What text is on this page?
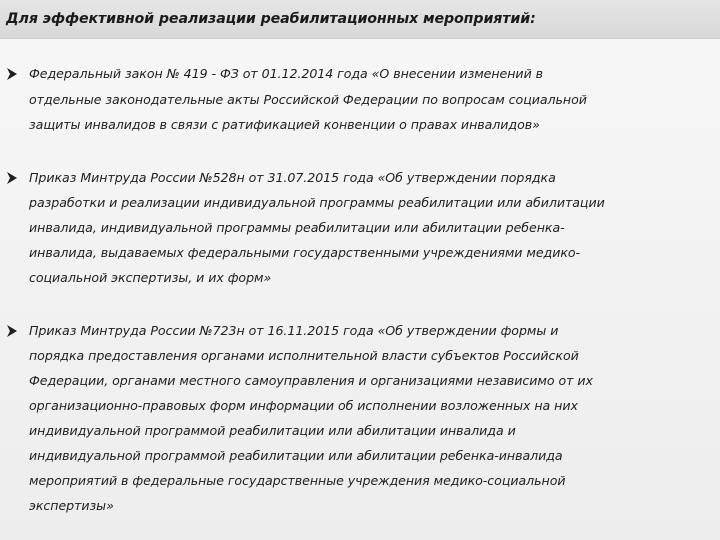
Для эффективной реализации реабилитационных мероприятий:
Федеральный закон № 419 - ФЗ от 01.12.2014 года «О внесении изменений в
отдельные законодательные акты Российской Федерации по вопросам социальной
защиты инвалидов в связи с ратификацией конвенции о правах инвалидов»
Приказ Минтруда России №528н от 31.07.2015 года «Об утверждении порядка
разработки и реализации индивидуальной программы реабилитации или абилитации
инвалида, индивидуальной программы реабилитации или абилитации ребенка-
инвалида, выдаваемых федеральными государственными учреждениями медико-
социальной экспертизы, и их форм»
Приказ Минтруда России №723н от 16.11.2015 года «Об утверждении формы и
порядка предоставления органами исполнительной власти субъектов Российской
Федерации, органами местного самоуправления и организациями независимо от их
организационно-правовых форм информации об исполнении возложенных на них
индивидуальной программой реабилитации или абилитации инвалида и
индивидуальной программой реабилитации или абилитации ребенка-инвалида
мероприятий в федеральные государственные учреждения медико-социальной
экспертизы»
